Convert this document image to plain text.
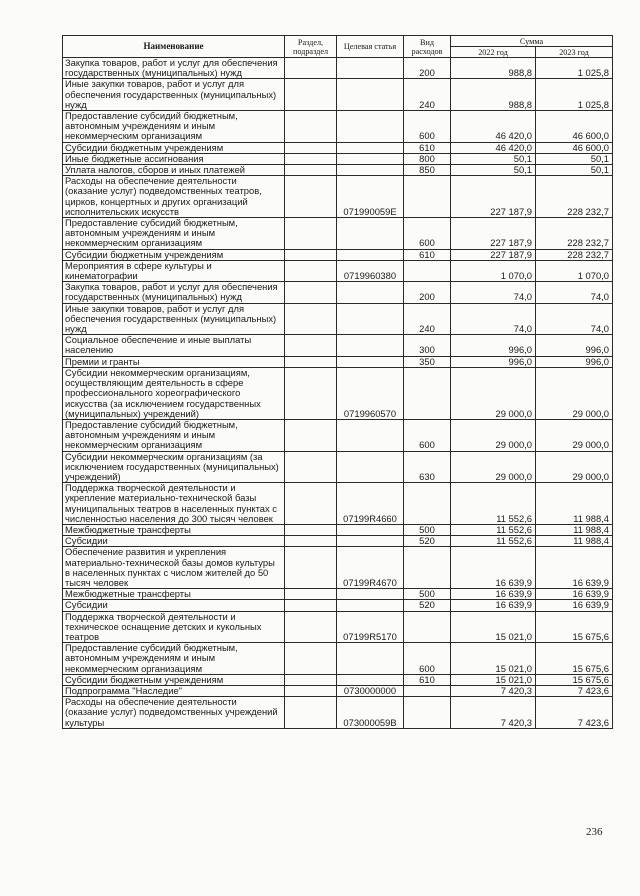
Наименование	Раздел, подраздел	Целевая статья	Вид расходов	Сумма	
				2022 год	2023 год
Закупка товаров, работ и услуг для обеспечения государственных (муниципальных) нужд			200	988,8	1 025,8
Иные закупки товаров, работ и услуг для обеспечения государственных (муниципальных) нужд			240	988,8	1 025,8
Предоставление субсидий бюджетным, автономным учреждениям и иным некоммерческим организациям			600	46 420,0	46 600,0
Субсидии бюджетным учреждениям			610	46 420,0	46 600,0
Иные бюджетные ассигнования			800	50,1	50,1
Уплата налогов, сборов и иных платежей			850	50,1	50,1
Расходы на обеспечение деятельности (оказание услуг) подведомственных театров, цирков, концертных и других организаций исполнительских искусств		071990059Е		227 187,9	228 232,7
Предоставление субсидий бюджетным, автономным учреждениям и иным некоммерческим организациям			600	227 187,9	228 232,7
Субсидии бюджетным учреждениям			610	227 187,9	228 232,7
Мероприятия в сфере культуры и кинематографии		0719960380		1 070,0	1 070,0
Закупка товаров, работ и услуг для обеспечения государственных (муниципальных) нужд			200	74,0	74,0
Иные закупки товаров, работ и услуг для обеспечения государственных (муниципальных) нужд			240	74,0	74,0
Социальное обеспечение и иные выплаты населению			300	996,0	996,0
Премии и гранты			350	996,0	996,0
Субсидии некоммерческим организациям, осуществляющим деятельность в сфере профессионального хореографического искусства (за исключением государственных (муниципальных) учреждений)		0719960570		29 000,0	29 000,0
Предоставление субсидий бюджетным, автономным учреждениям и иным некоммерческим организациям			600	29 000,0	29 000,0
Субсидии некоммерческим организациям (за исключением государственных (муниципальных) учреждений)			630	29 000,0	29 000,0
Поддержка творческой деятельности и укрепление материально-технической базы муниципальных театров в населенных пунктах с численностью населения до 300 тысяч человек		07199R4660		11 552,6	11 988,4
Межбюджетные трансферты			500	11 552,6	11 988,4
Субсидии			520	11 552,6	11 988,4
Обеспечение развития и укрепления материально-технической базы домов культуры в населенных пунктах с числом жителей до 50 тысяч человек		07199R4670		16 639,9	16 639,9
Межбюджетные трансферты			500	16 639,9	16 639,9
Субсидии			520	16 639,9	16 639,9
Поддержка творческой деятельности и техническое оснащение детских и кукольных театров		07199R5170		15 021,0	15 675,6
Предоставление субсидий бюджетным, автономным учреждениям и иным некоммерческим организациям			600	15 021,0	15 675,6
Субсидии бюджетным учреждениям			610	15 021,0	15 675,6
Подпрограмма "Наследие"		0730000000		7 420,3	7 423,6
Расходы на обеспечение деятельности (оказание услуг) подведомственных учреждений культуры		073000059В		7 420,3	7 423,6
236
